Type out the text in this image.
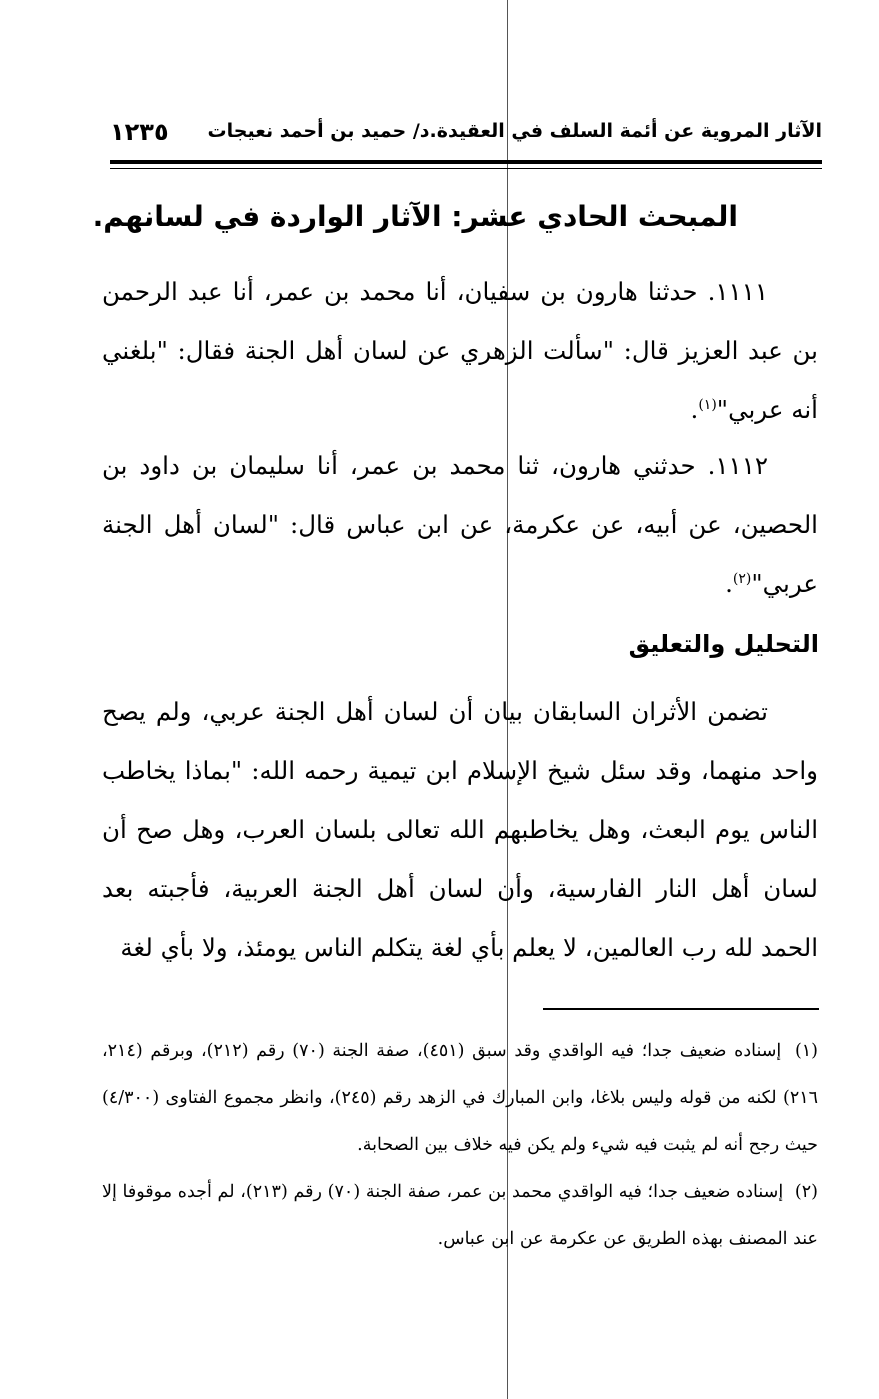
الآثار المروية عن أئمة السلف في العقيدة.د/ حميد بن أحمد نعيجات
١٢٣٥
المبحث الحادي عشر: الآثار الواردة في لسانهم.
١١١١. حدثنا هارون بن سفيان، أنا محمد بن عمر، أنا عبد الرحمن بن عبد العزيز قال: "سألت الزهري عن لسان أهل الجنة فقال: "بلغني أنه عربي"$^{(١)}$.
١١١٢. حدثني هارون، ثنا محمد بن عمر، أنا سليمان بن داود بن الحصين، عن أبيه، عن عكرمة، عن ابن عباس قال: "لسان أهل الجنة عربي"$^{(٢)}$.
التحليل والتعليق
تضمن الأثران السابقان بيان أن لسان أهل الجنة عربي، ولم يصح واحد منهما، وقد سئل شيخ الإسلام ابن تيمية رحمه الله: "بماذا يخاطب الناس يوم البعث، وهل يخاطبهم الله تعالى بلسان العرب، وهل صح أن لسان أهل النار الفارسية، وأن لسان أهل الجنة العربية، فأجبته بعد الحمد لله رب العالمين، لا يعلم بأي لغة يتكلم الناس يومئذ، ولا بأي لغة

(١) إسناده ضعيف جدا؛ فيه الواقدي وقد سبق (٤٥١)، صفة الجنة (٧٠) رقم (٢١٢)، وبرقم (٢١٤، ٢١٦) لكنه من قوله وليس بلاغا، وابن المبارك في الزهد رقم (٢٤٥)، وانظر مجموع الفتاوى (٤/٣٠٠) حيث رجح أنه لم يثبت فيه شيء ولم يكن فيه خلاف بين الصحابة.

(٢) إسناده ضعيف جدا؛ فيه الواقدي محمد بن عمر، صفة الجنة (٧٠) رقم (٢١٣)، لم أجده موقوفا إلا عند المصنف بهذه الطريق عن عكرمة عن ابن عباس.
